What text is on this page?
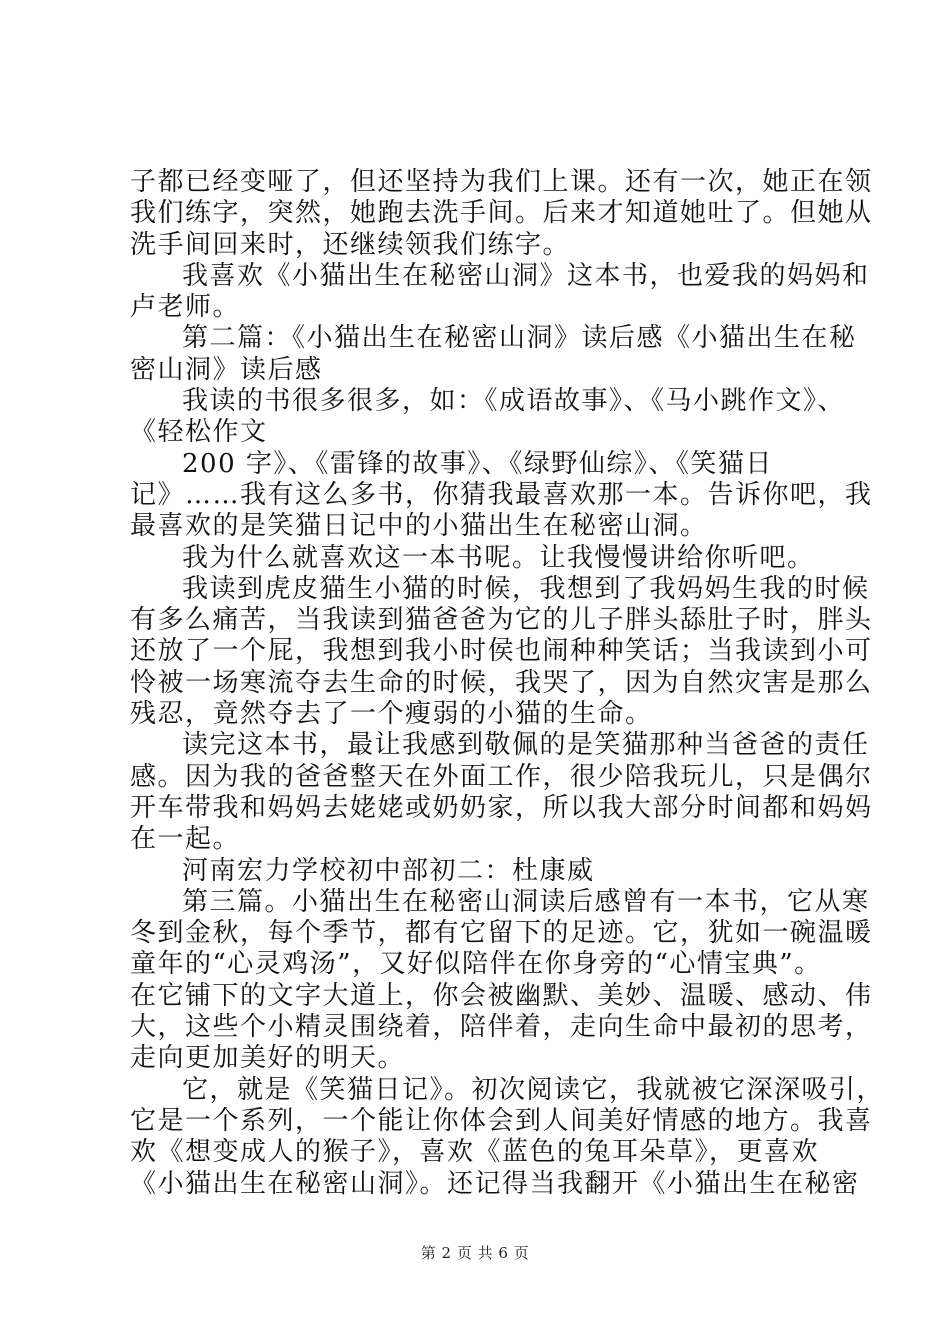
子都已经变哑了，但还坚持为我们上课。还有一次，她正在领
我们练字，突然，她跑去洗手间。后来才知道她吐了。但她从
洗手间回来时，还继续领我们练字。
我喜欢《小猫出生在秘密山洞》这本书，也爱我的妈妈和
卢老师。
第二篇：《小猫出生在秘密山洞》读后感《小猫出生在秘
密山洞》读后感
我读的书很多很多，如：《成语故事》、《马小跳作文》、
《轻松作文
200 字》、《雷锋的故事》、《绿野仙综》、《笑猫日
记》……我有这么多书，你猜我最喜欢那一本。告诉你吧，我
最喜欢的是笑猫日记中的小猫出生在秘密山洞。
我为什么就喜欢这一本书呢。让我慢慢讲给你听吧。
我读到虎皮猫生小猫的时候，我想到了我妈妈生我的时候
有多么痛苦，当我读到猫爸爸为它的儿子胖头舔肚子时，胖头
还放了一个屁，我想到我小时侯也闹种种笑话；当我读到小可
怜被一场寒流夺去生命的时候，我哭了，因为自然灾害是那么
残忍，竟然夺去了一个瘦弱的小猫的生命。
读完这本书，最让我感到敬佩的是笑猫那种当爸爸的责任
感。因为我的爸爸整天在外面工作，很少陪我玩儿，只是偶尔
开车带我和妈妈去姥姥或奶奶家，所以我大部分时间都和妈妈
在一起。
河南宏力学校初中部初二：杜康威
第三篇。小猫出生在秘密山洞读后感曾有一本书，它从寒
冬到金秋，每个季节，都有它留下的足迹。它，犹如一碗温暖
童年的“心灵鸡汤”，又好似陪伴在你身旁的“心情宝典”。
在它铺下的文字大道上，你会被幽默、美妙、温暖、感动、伟
大，这些个小精灵围绕着，陪伴着，走向生命中最初的思考，
走向更加美好的明天。
它，就是《笑猫日记》。初次阅读它，我就被它深深吸引，
它是一个系列，一个能让你体会到人间美好情感的地方。我喜
欢《想变成人的猴子》，喜欢《蓝色的兔耳朵草》，更喜欢
《小猫出生在秘密山洞》。还记得当我翻开《小猫出生在秘密
第 2 页 共 6 页
